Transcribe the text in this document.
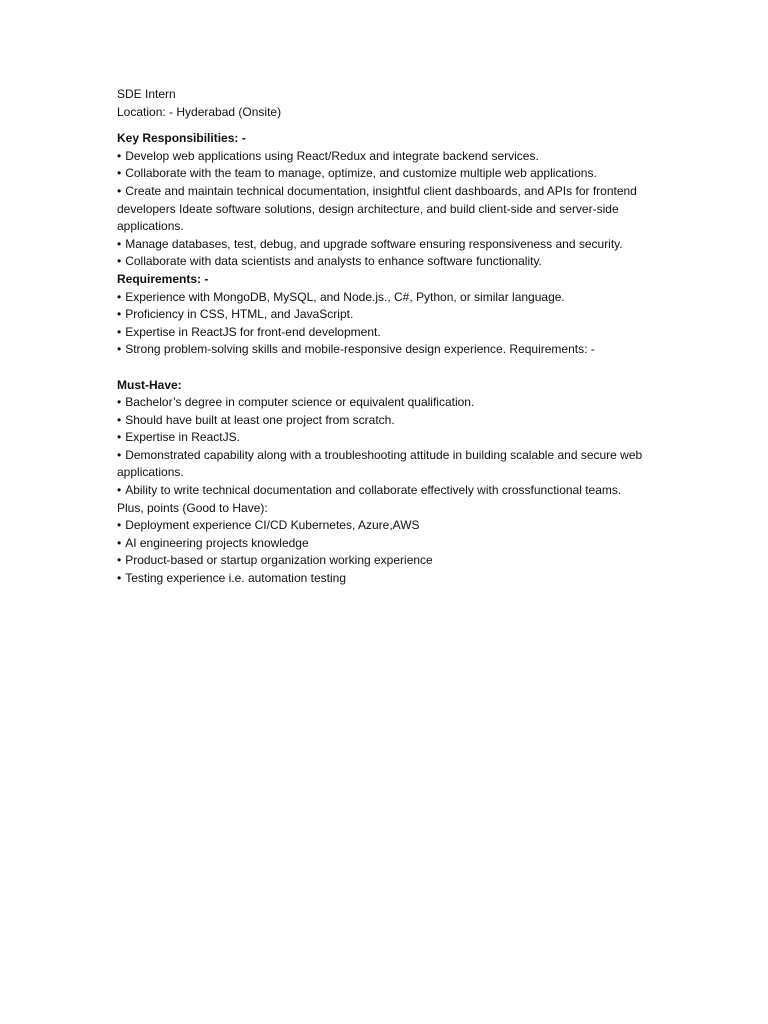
SDE Intern
Location: - Hyderabad (Onsite)
Key Responsibilities: -
• Develop web applications using React/Redux and integrate backend services.
• Collaborate with the team to manage, optimize, and customize multiple web applications.
• Create and maintain technical documentation, insightful client dashboards, and APIs for frontend developers Ideate software solutions, design architecture, and build client-side and server-side applications.
• Manage databases, test, debug, and upgrade software ensuring responsiveness and security.
• Collaborate with data scientists and analysts to enhance software functionality.
Requirements: -
• Experience with MongoDB, MySQL, and Node.js., C#, Python, or similar language.
• Proficiency in CSS, HTML, and JavaScript.
• Expertise in ReactJS for front-end development.
• Strong problem-solving skills and mobile-responsive design experience. Requirements: -
Must-Have:
• Bachelor’s degree in computer science or equivalent qualification.
• Should have built at least one project from scratch.
• Expertise in ReactJS.
• Demonstrated capability along with a troubleshooting attitude in building scalable and secure web applications.
• Ability to write technical documentation and collaborate effectively with crossfunctional teams.
Plus, points (Good to Have):
• Deployment experience CI/CD Kubernetes, Azure,AWS
• AI engineering projects knowledge
• Product-based or startup organization working experience
• Testing experience i.e. automation testing
